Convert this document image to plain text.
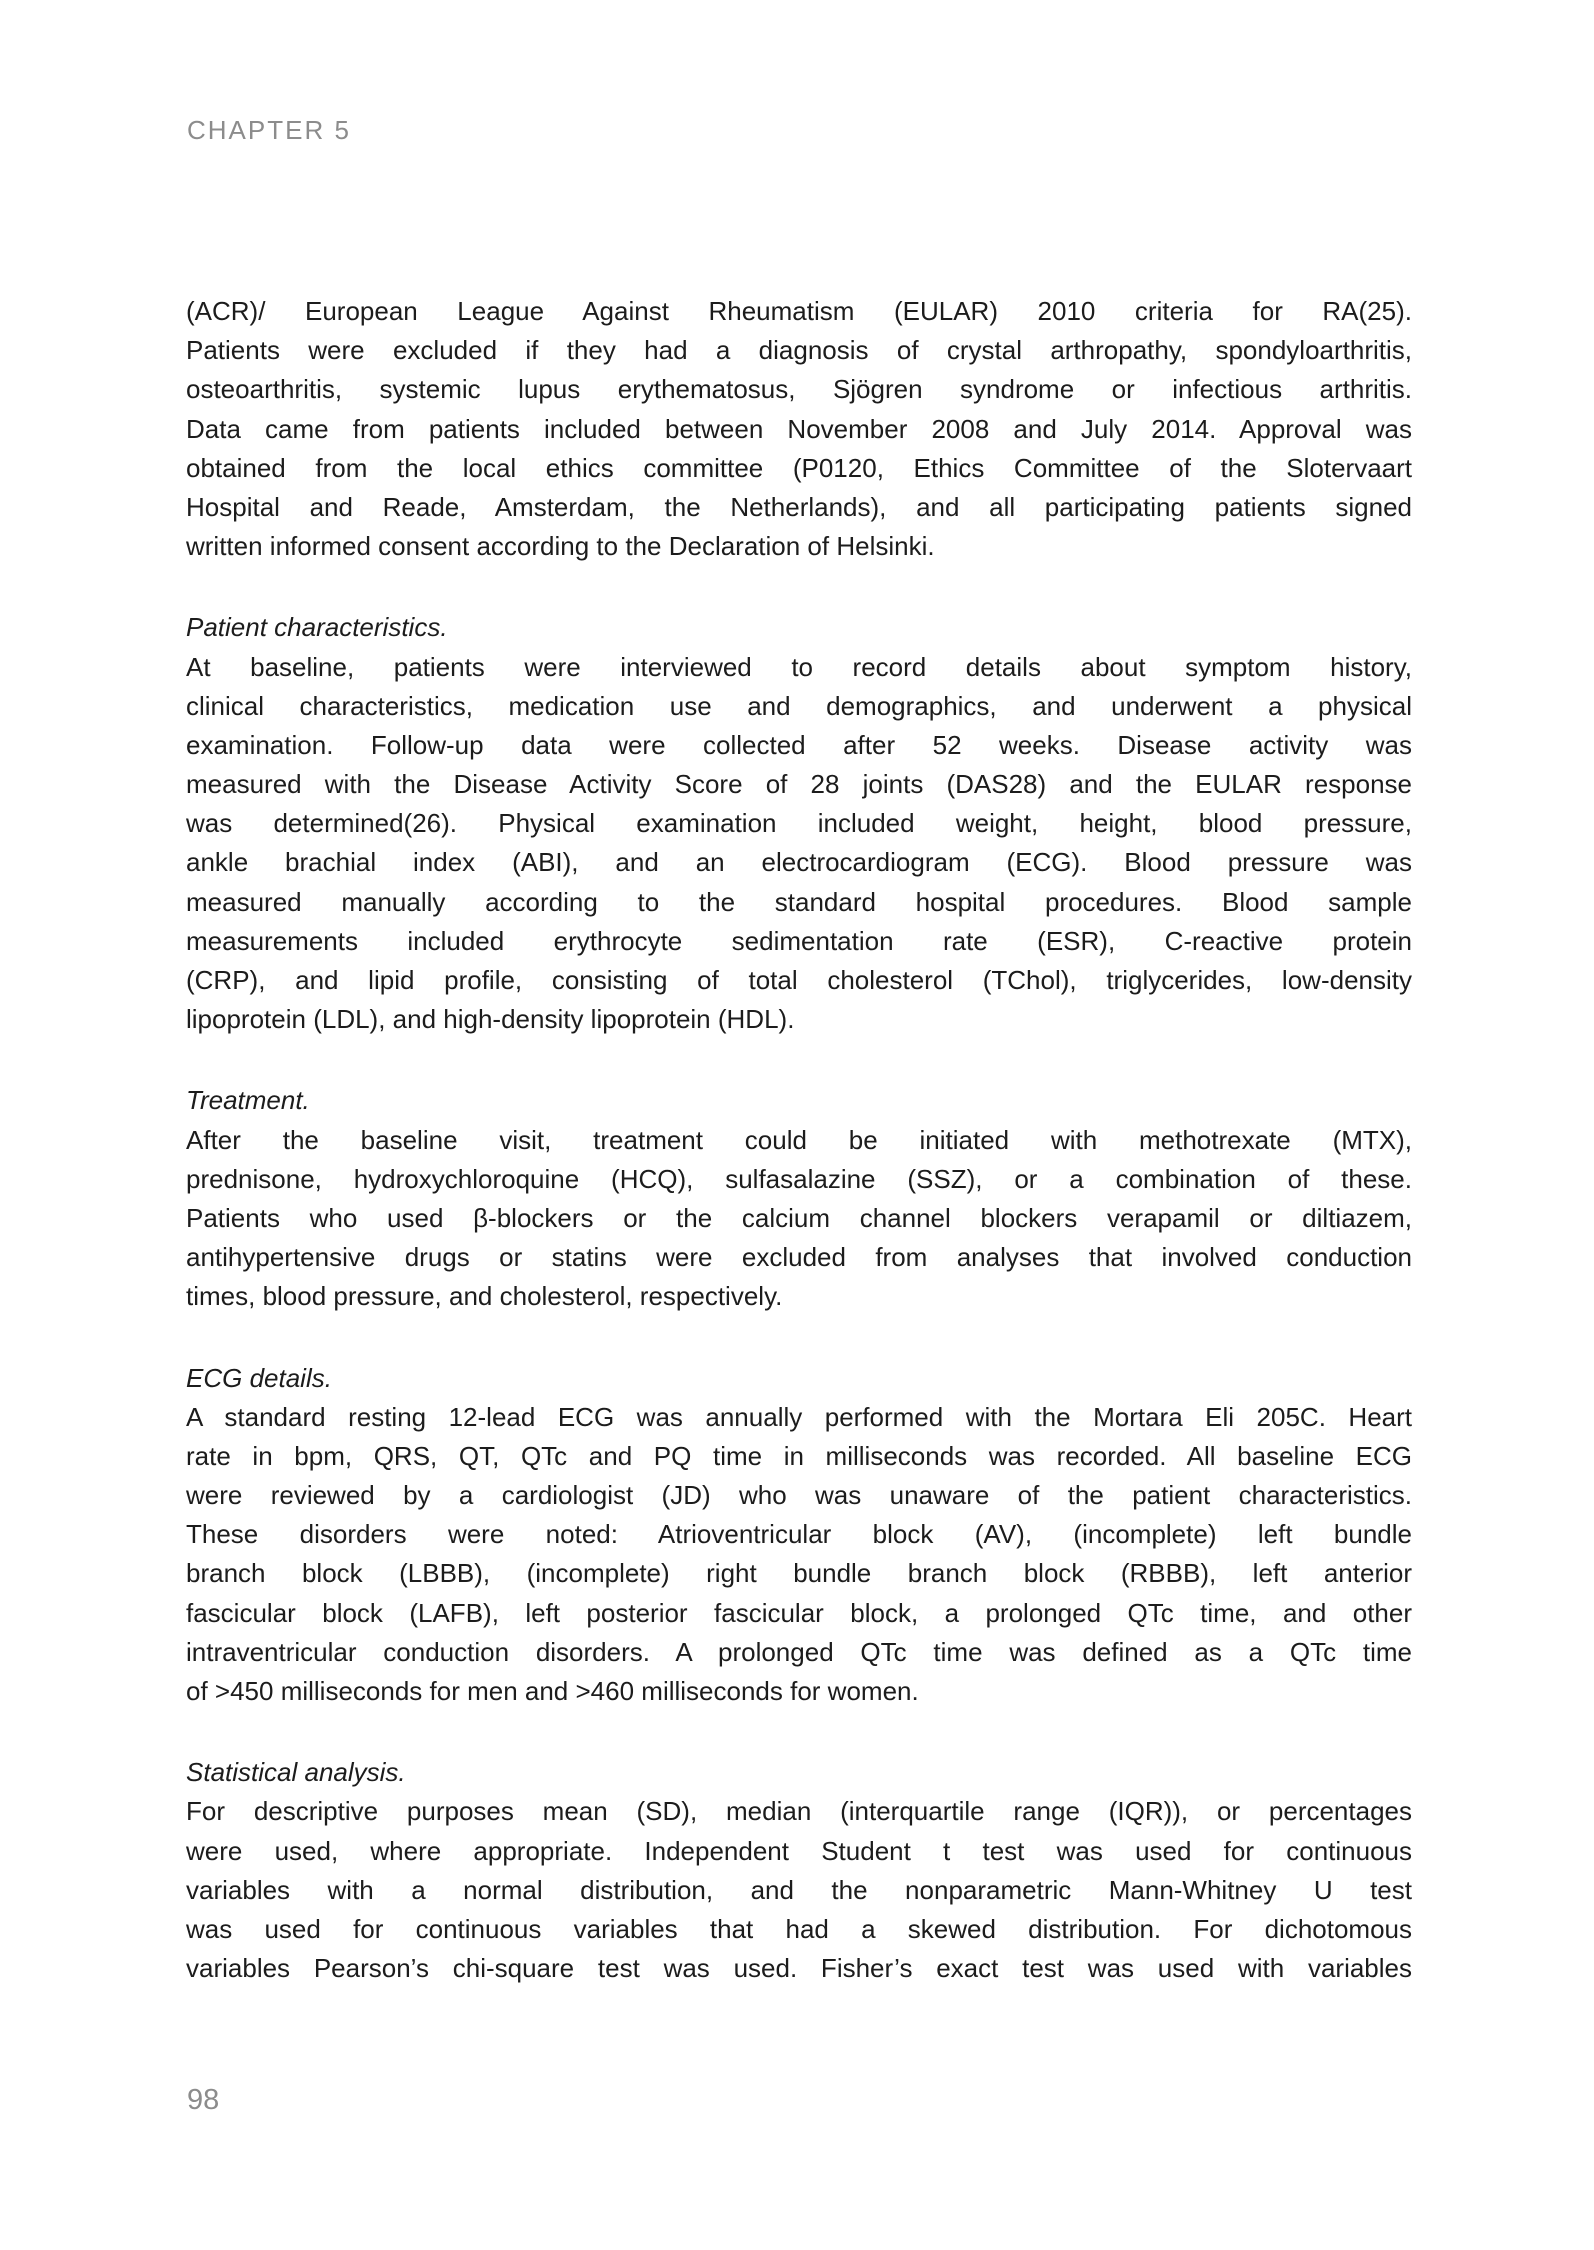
CHAPTER 5
(ACR)/ European League Against Rheumatism (EULAR) 2010 criteria for RA(25).
Patients were excluded if they had a diagnosis of crystal arthropathy, spondyloarthritis,
osteoarthritis, systemic lupus erythematosus, Sjögren syndrome or infectious arthritis.
Data came from patients included between November 2008 and July 2014. Approval was
obtained from the local ethics committee (P0120, Ethics Committee of the Slotervaart
Hospital and Reade, Amsterdam, the Netherlands), and all participating patients signed
written informed consent according to the Declaration of Helsinki.
Patient characteristics.
At baseline, patients were interviewed to record details about symptom history,
clinical characteristics, medication use and demographics, and underwent a physical
examination. Follow-up data were collected after 52 weeks. Disease activity was
measured with the Disease Activity Score of 28 joints (DAS28) and the EULAR response
was determined(26). Physical examination included weight, height, blood pressure,
ankle brachial index (ABI), and an electrocardiogram (ECG). Blood pressure was
measured manually according to the standard hospital procedures. Blood sample
measurements included erythrocyte sedimentation rate (ESR), C-reactive protein
(CRP), and lipid profile, consisting of total cholesterol (TChol), triglycerides, low-density
lipoprotein (LDL), and high-density lipoprotein (HDL).
Treatment.
After the baseline visit, treatment could be initiated with methotrexate (MTX),
prednisone, hydroxychloroquine (HCQ), sulfasalazine (SSZ), or a combination of these.
Patients who used β-blockers or the calcium channel blockers verapamil or diltiazem,
antihypertensive drugs or statins were excluded from analyses that involved conduction
times, blood pressure, and cholesterol, respectively.
ECG details.
A standard resting 12-lead ECG was annually performed with the Mortara Eli 205C. Heart
rate in bpm, QRS, QT, QTc and PQ time in milliseconds was recorded. All baseline ECG
were reviewed by a cardiologist (JD) who was unaware of the patient characteristics.
These disorders were noted: Atrioventricular block (AV), (incomplete) left bundle
branch block (LBBB), (incomplete) right bundle branch block (RBBB), left anterior
fascicular block (LAFB), left posterior fascicular block, a prolonged QTc time, and other
intraventricular conduction disorders. A prolonged QTc time was defined as a QTc time
of >450 milliseconds for men and >460 milliseconds for women.
Statistical analysis.
For descriptive purposes mean (SD), median (interquartile range (IQR)), or percentages
were used, where appropriate. Independent Student t test was used for continuous
variables with a normal distribution, and the nonparametric Mann-Whitney U test
was used for continuous variables that had a skewed distribution. For dichotomous
variables Pearson’s chi-square test was used. Fisher’s exact test was used with variables
98
